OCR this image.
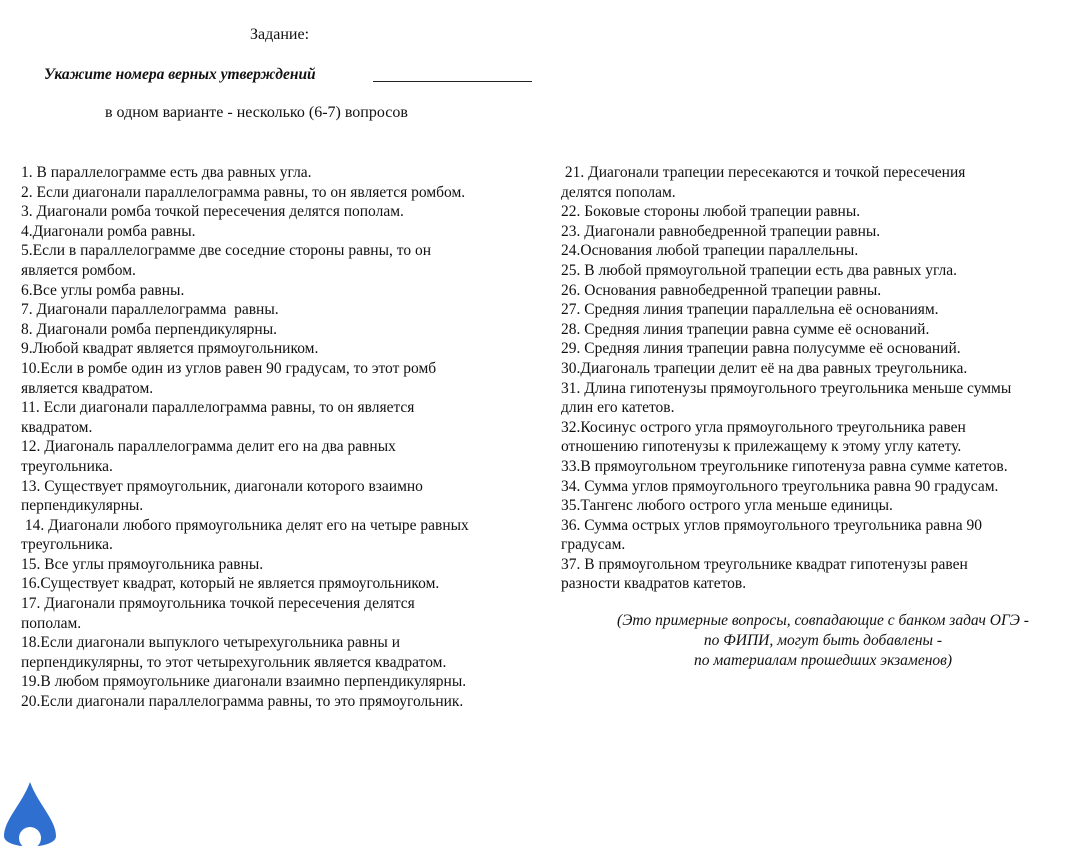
Задание:
Укажите номера верных утверждений
в одном варианте - несколько (6-7) вопросов

1. В параллелограмме есть два равных угла.

2. Если диагонали параллелограмма равны, то он является ромбом.

3. Диагонали ромба точкой пересечения делятся пополам.

4.Диагонали ромба равны.

5.Если в параллелограмме две соседние стороны равны, то он
является ромбом.

6.Все углы ромба равны.

7. Диагонали параллелограмма  равны.

8. Диагонали ромба перпендикулярны.

9.Любой квадрат является прямоугольником.

10.Если в ромбе один из углов равен 90 градусам, то этот ромб
является квадратом.

11. Если диагонали параллелограмма равны, то он является
квадратом.

12. Диагональ параллелограмма делит его на два равных
треугольника.

13. Существует прямоугольник, диагонали которого взаимно
перпендикулярны.

14. Диагонали любого прямоугольника делят его на четыре равных
треугольника.

15. Все углы прямоугольника равны.

16.Существует квадрат, который не является прямоугольником.

17. Диагонали прямоугольника точкой пересечения делятся
пополам.

18.Если диагонали выпуклого четырехугольника равны и
перпендикулярны, то этот четырехугольник является квадратом.

19.В любом прямоугольнике диагонали взаимно перпендикулярны.

20.Если диагонали параллелограмма равны, то это прямоугольник.

21. Диагонали трапеции пересекаются и точкой пересечения
делятся пополам.

22. Боковые стороны любой трапеции равны.

23. Диагонали равнобедренной трапеции равны.

24.Основания любой трапеции параллельны.

25. В любой прямоугольной трапеции есть два равных угла.

26. Основания равнобедренной трапеции равны.

27. Средняя линия трапеции параллельна её основаниям.

28. Средняя линия трапеции равна сумме её оснований.

29. Средняя линия трапеции равна полусумме её оснований.

30.Диагональ трапеции делит её на два равных треугольника.

31. Длина гипотенузы прямоугольного треугольника меньше суммы
длин его катетов.

32.Косинус острого угла прямоугольного треугольника равен
отношению гипотенузы к прилежащему к этому углу катету.

33.В прямоугольном треугольнике гипотенуза равна сумме катетов.

34. Сумма углов прямоугольного треугольника равна 90 градусам.

35.Тангенс любого острого угла меньше единицы.

36. Сумма острых углов прямоугольного треугольника равна 90
градусам.

37. В прямоугольном треугольнике квадрат гипотенузы равен
разности квадратов катетов.

(Это примерные вопросы, совпадающие с банком задач ОГЭ -
по ФИПИ, могут быть добавлены -
по материалам прошедших экзаменов)
